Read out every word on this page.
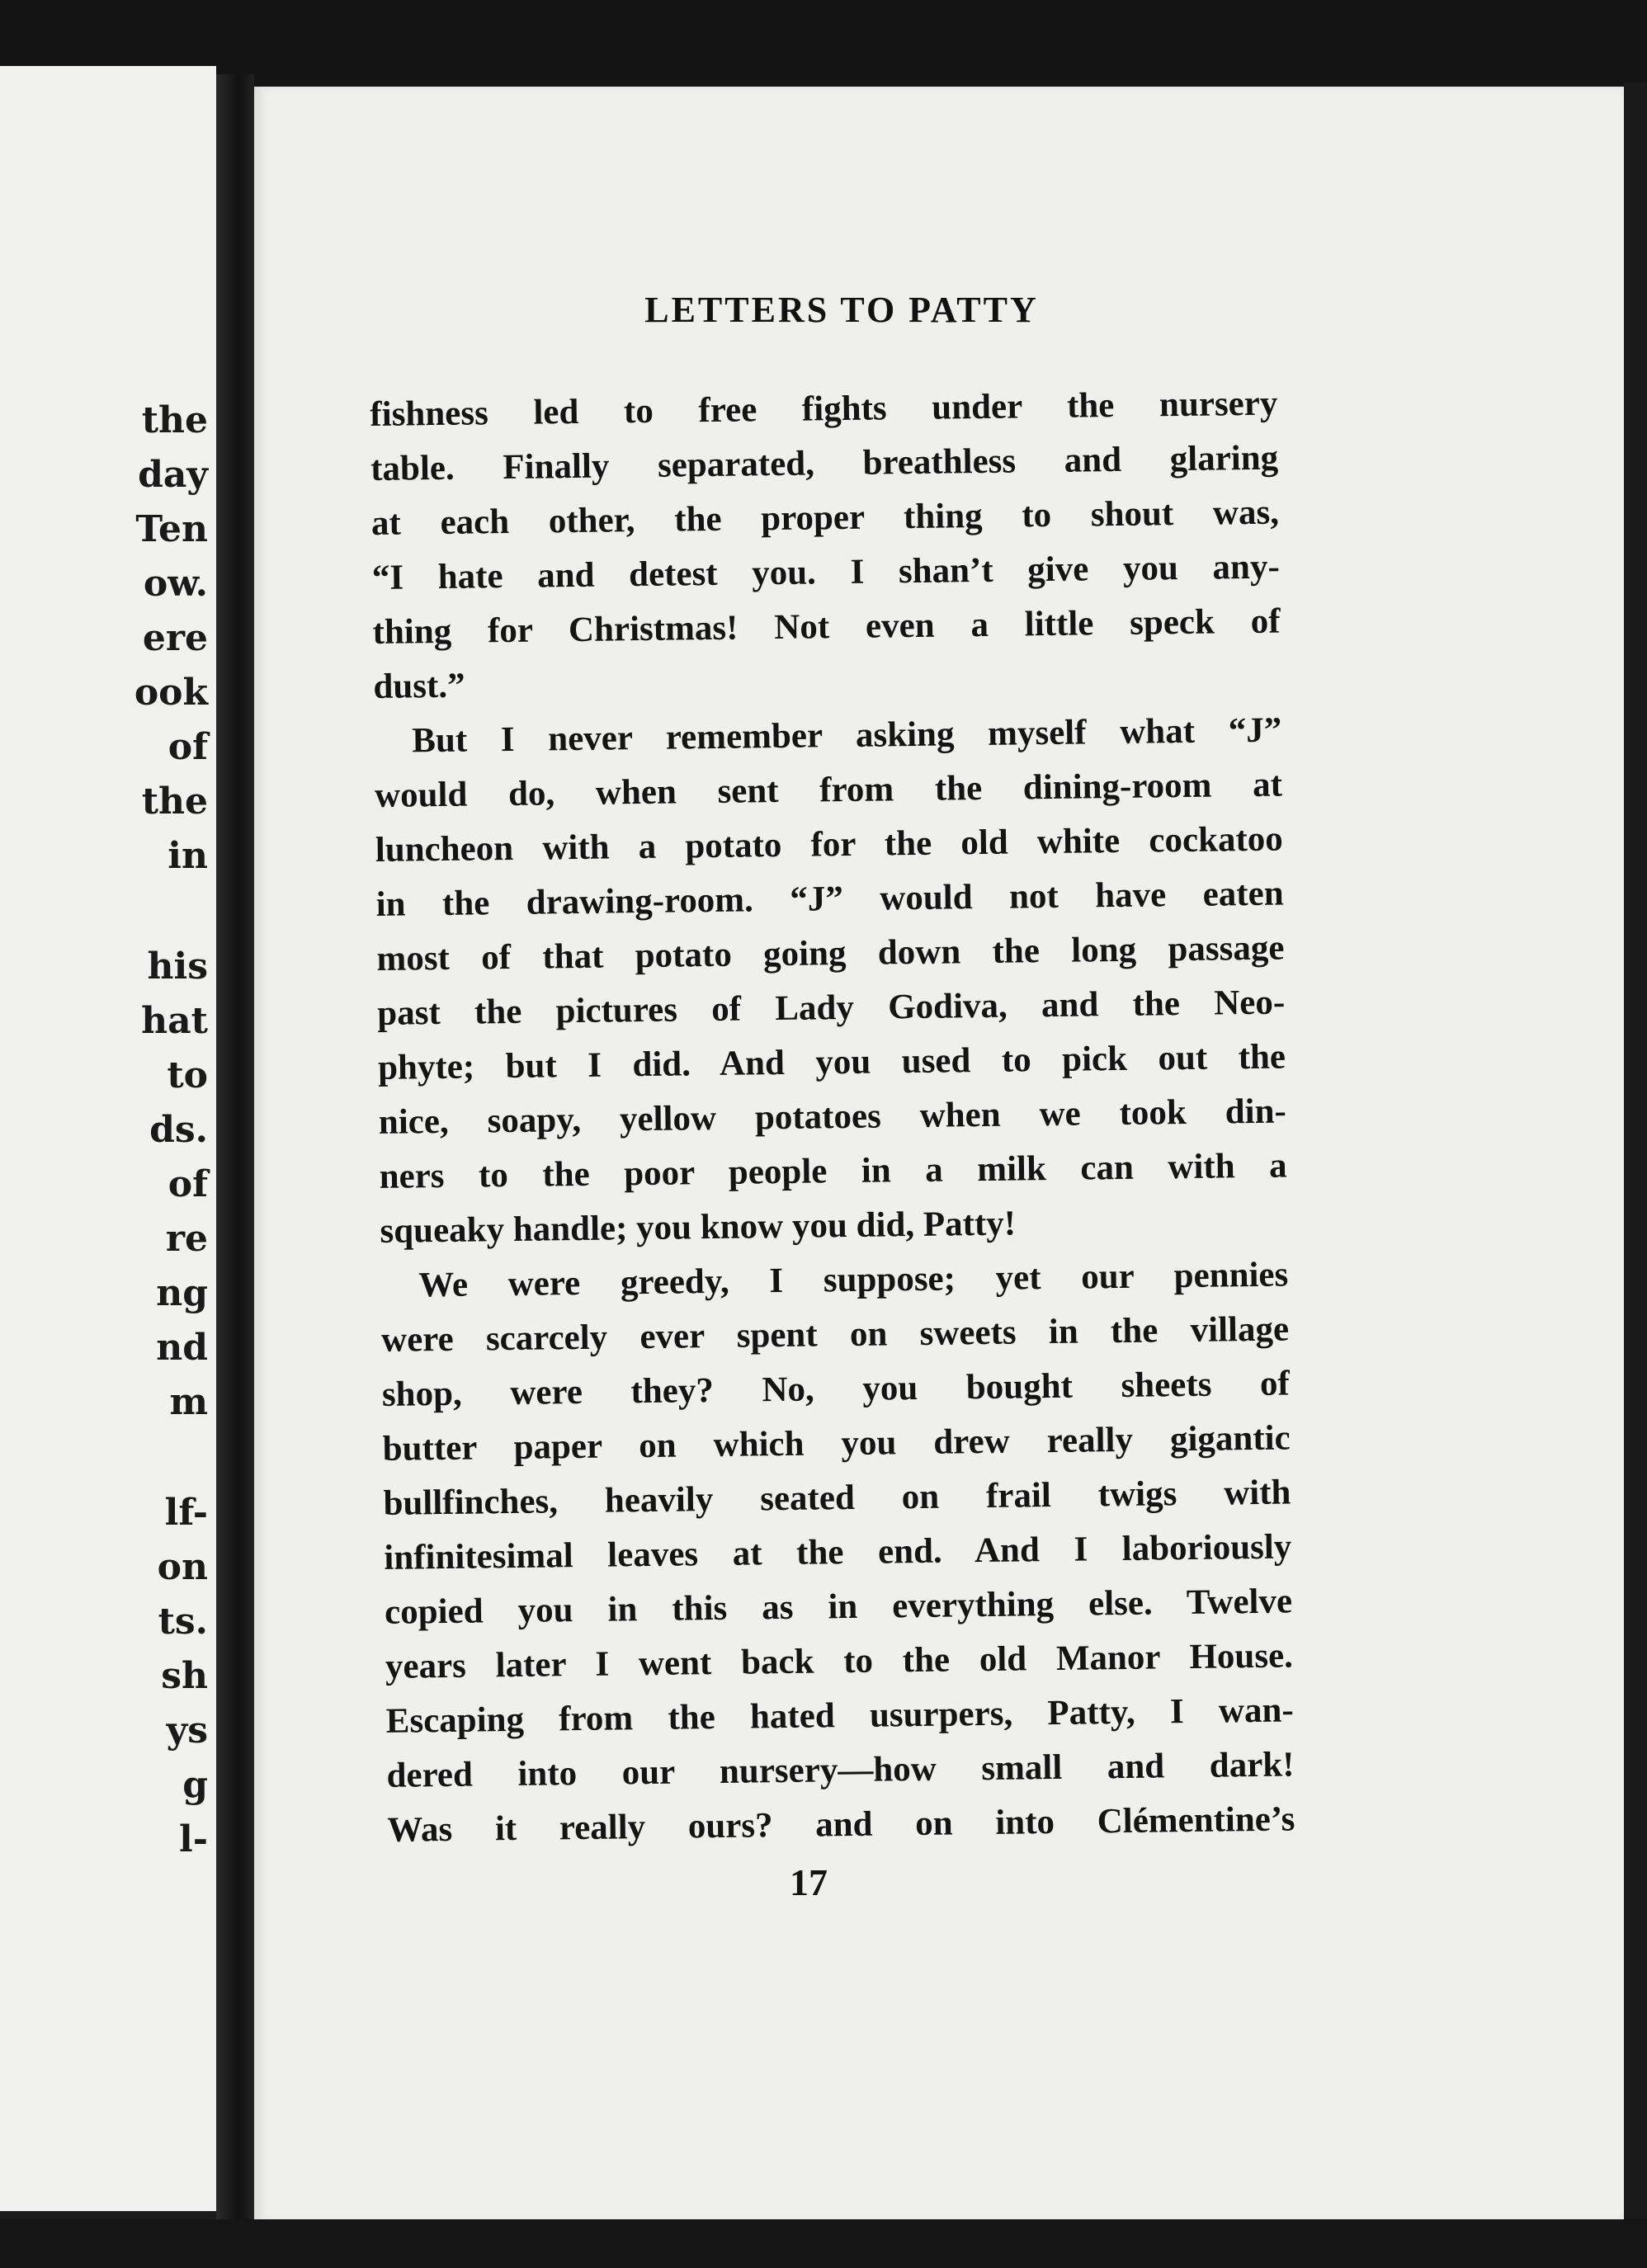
the
day
Ten
ow.
ere
ook
of
the
in
his
hat
to
ds.
of
re
ng
nd
m
lf-
on
ts.
sh
ys
g
l-
LETTERS TO PATTY
fishness led to free fights under the nursery
table. Finally separated, breathless and glaring
at each other, the proper thing to shout was,
“I hate and detest you. I shan’t give you any-
thing for Christmas! Not even a little speck of
dust.”
But I never remember asking myself what “J”
would do, when sent from the dining-room at
luncheon with a potato for the old white cockatoo
in the drawing-room. “J” would not have eaten
most of that potato going down the long passage
past the pictures of Lady Godiva, and the Neo-
phyte; but I did. And you used to pick out the
nice, soapy, yellow potatoes when we took din-
ners to the poor people in a milk can with a
squeaky handle; you know you did, Patty!
We were greedy, I suppose; yet our pennies
were scarcely ever spent on sweets in the village
shop, were they? No, you bought sheets of
butter paper on which you drew really gigantic
bullfinches, heavily seated on frail twigs with
infinitesimal leaves at the end. And I laboriously
copied you in this as in everything else. Twelve
years later I went back to the old Manor House.
Escaping from the hated usurpers, Patty, I wan-
dered into our nursery—how small and dark!
Was it really ours? and on into Clémentine’s
17
